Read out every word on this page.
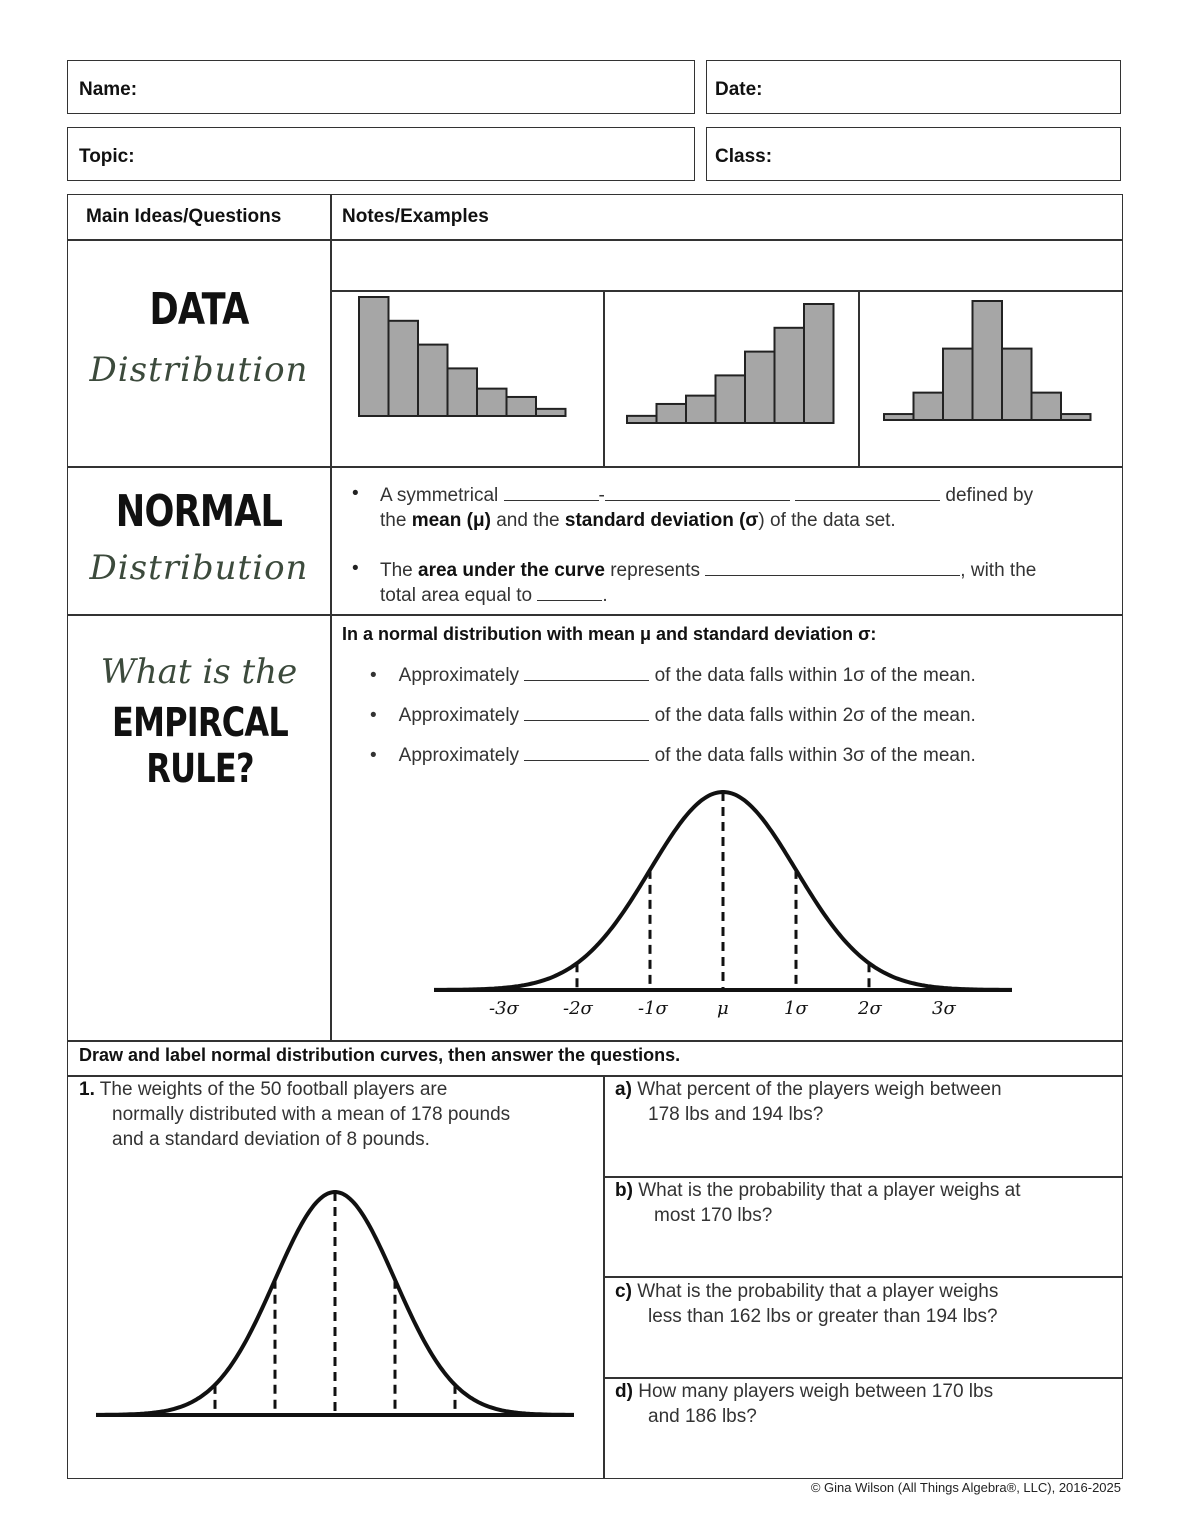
Name:	Date:
Topic:	Class:
Main Ideas/Questions	Notes/Examples
DATA
Distribution
NORMAL
Distribution
• A symmetrical	-	defined by
the mean (μ) and the standard deviation (σ) of the data set.
• The area under the curve represents	, with the
total area equal to	.
What is the
EMPIRCAL RULE?
In a normal distribution with mean μ and standard deviation σ:
• Approximately	of the data falls within 1σ of the mean.
• Approximately	of the data falls within 2σ of the mean.
• Approximately	of the data falls within 3σ of the mean.
-3σ -2σ	-1σ	μ	1σ	2σ	3σ
Draw and label normal distribution curves, then answer the questions.
1. The weights of the 50 football players are
normally distributed with a mean of 178 pounds
and a standard deviation of 8 pounds.
a) What percent of the players weigh between
178 lbs and 194 lbs?
b) What is the probability that a player weighs at
most 170 lbs?
c) What is the probability that a player weighs
less than 162 lbs or greater than 194 lbs?
d) How many players weigh between 170 lbs
and 186 lbs?
© Gina Wilson (All Things Algebra®, LLC), 2016-2025
